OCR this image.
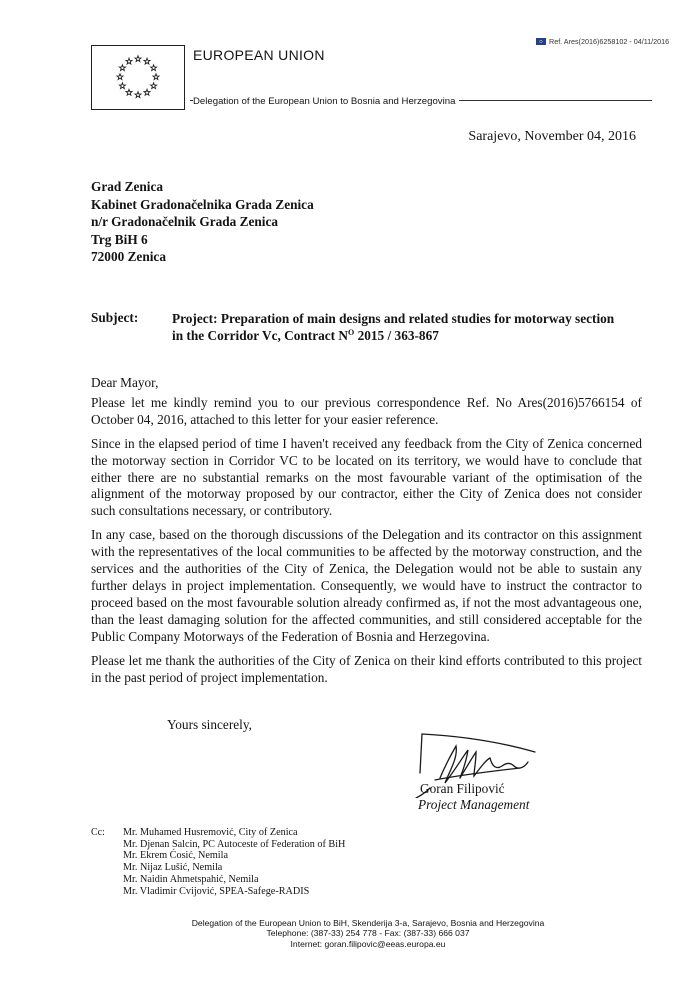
Ref. Ares(2016)6258102 - 04/11/2016
EUROPEAN UNION
Delegation of the European Union to Bosnia and Herzegovina
Sarajevo, November 04, 2016
Grad Zenica
Kabinet Gradonačelnika Grada Zenica
n/r Gradonačelnik Grada Zenica
Trg BiH 6
72000 Zenica
Subject:	Project: Preparation of main designs and related studies for motorway section
in the Corridor Vc, Contract $N^O$ 2015 / 363-867

Dear Mayor,

Please let me kindly remind you to our previous correspondence Ref. No Ares(2016)5766154 of October 04, 2016, attached to this letter for your easier reference.

Since in the elapsed period of time I haven't received any feedback from the City of Zenica concerned the motorway section in Corridor VC to be located on its territory, we would have to conclude that either there are no substantial remarks on the most favourable variant of the optimisation of the alignment of the motorway proposed by our contractor, either the City of Zenica does not consider such consultations necessary, or contributory.

In any case, based on the thorough discussions of the Delegation and its contractor on this assignment with the representatives of the local communities to be affected by the motorway construction, and the services and the authorities of the City of Zenica, the Delegation would not be able to sustain any further delays in project implementation. Consequently, we would have to instruct the contractor to proceed based on the most favourable solution already confirmed as, if not the most advantageous one, than the least damaging solution for the affected communities, and still considered acceptable for the Public Company Motorways of the Federation of Bosnia and Herzegovina.

Please let me thank the authorities of the City of Zenica on their kind efforts contributed to this project in the past period of project implementation.

Yours sincerely,
Goran Filipović
Project Management
Cc: Mr. Muhamed Husremović, City of Zenica
Mr. Djenan Salcin, PC Autoceste of Federation of BiH
Mr. Ekrem Ćosić, Nemila
Mr. Nijaz Lušić, Nemila
Mr. Naidin Ahmetspahić, Nemila
Mr. Vladimir Cvijović, SPEA-Safege-RADIS
Delegation of the European Union to BiH, Skenderija 3-a, Sarajevo, Bosnia and Herzegovina
Telephone: (387-33) 254 778 - Fax: (387-33) 666 037
Internet: goran.filipovic@eeas.europa.eu
